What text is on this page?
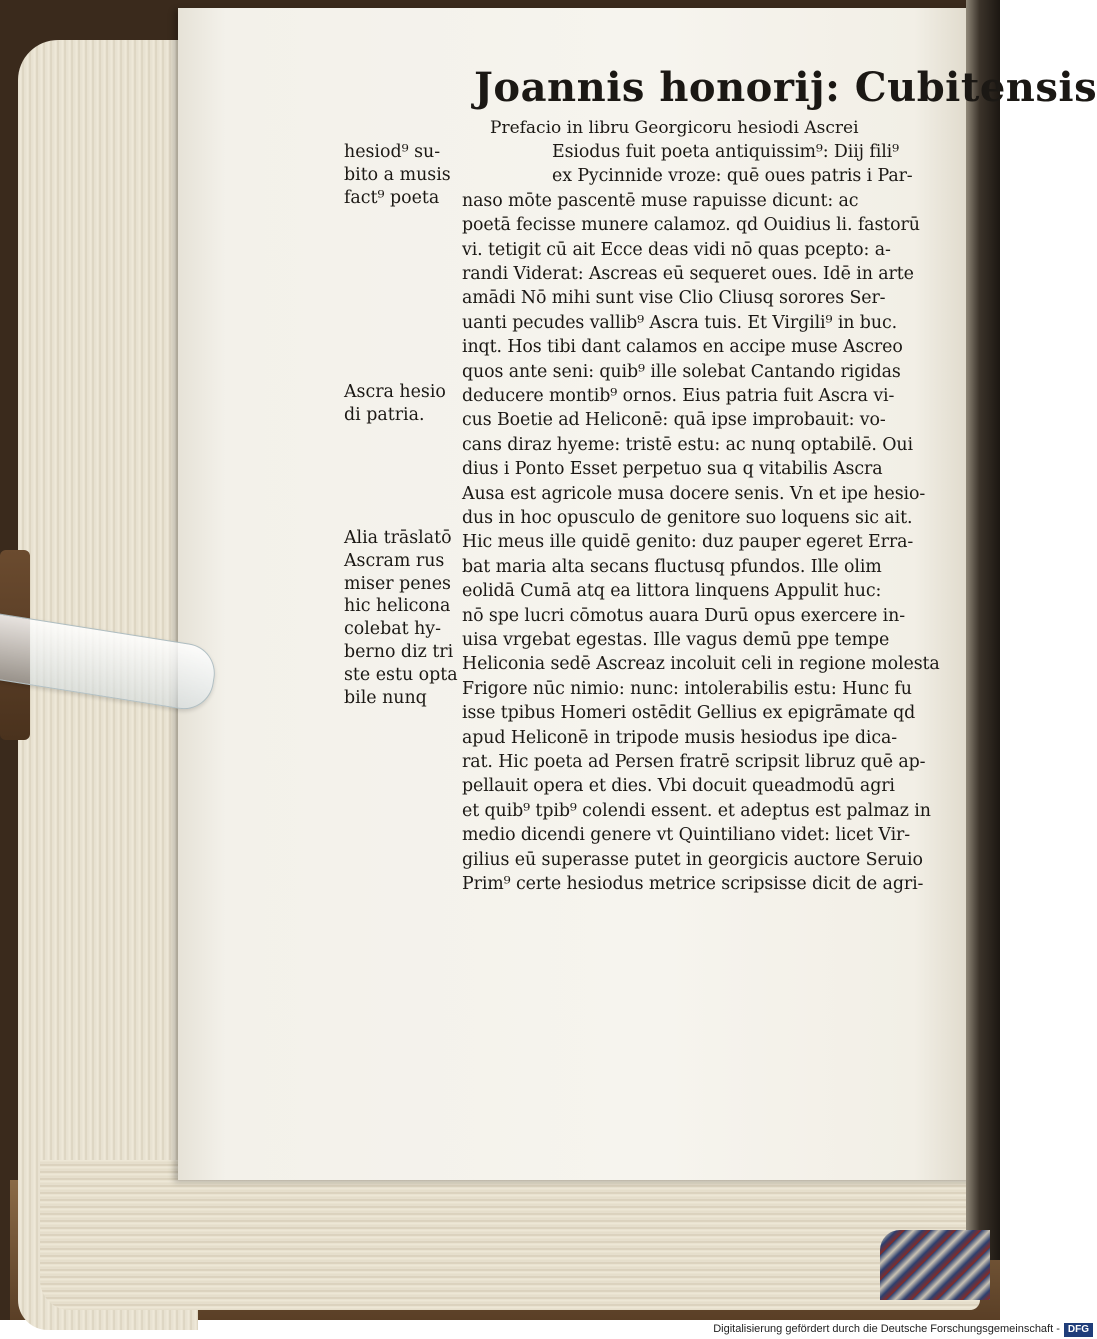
Joannis honorij: Cubitensis
Prefacio in libru Georgicoru hesiodi Ascrei
Esiodus fuit poeta antiquissim⁹: Diij fili⁹
ex Pycinnide vroze: quē oues patris i Par-
naso mōte pascentē muse rapuisse dicunt: ac
poetā fecisse munere calamoz. qd Ouidius li. fastorū
vi. tetigit cū ait Ecce deas vidi nō quas pcepto: a-
randi Viderat: Ascreas eū sequeret oues. Idē in arte
amādi Nō mihi sunt vise Clio Cliusq sorores Ser-
uanti pecudes vallib⁹ Ascra tuis. Et Virgili⁹ in buc.
inqt. Hos tibi dant calamos en accipe muse Ascreo
quos ante seni: quib⁹ ille solebat Cantando rigidas
deducere montib⁹ ornos. Eius patria fuit Ascra vi-
cus Boetie ad Heliconē: quā ipse improbauit: vo-
cans diraz hyeme: tristē estu: ac nunq optabilē. Oui
dius i Ponto Esset perpetuo sua q vitabilis Ascra
Ausa est agricole musa docere senis. Vn et ipe hesio-
dus in hoc opusculo de genitore suo loquens sic ait.
Hic meus ille quidē genito: duz pauper egeret Erra-
bat maria alta secans fluctusq pfundos. Ille olim
eolidā Cumā atq ea littora linquens Appulit huc:
nō spe lucri cōmotus auara Durū opus exercere in-
uisa vrgebat egestas. Ille vagus demū ppe tempe
Heliconia sedē Ascreaz incoluit celi in regione molesta
Frigore nūc nimio: nunc: intolerabilis estu: Hunc fu
isse tpibus Homeri ostēdit Gellius ex epigrāmate qd
apud Heliconē in tripode musis hesiodus ipe dica-
rat. Hic poeta ad Persen fratrē scripsit libruz quē ap-
pellauit opera et dies. Vbi docuit queadmodū agri
et quib⁹ tpib⁹ colendi essent. et adeptus est palmaz in
medio dicendi genere vt Quintiliano videt: licet Vir-
gilius eū superasse putet in georgicis auctore Seruio
Prim⁹ certe hesiodus metrice scripsisse dicit de agri-
hesiod⁹ su-
bito a musis
fact⁹ poeta
Ascra hesio
di patria.
Alia trāslatō
Ascram rus
miser penes
hic helicona
colebat hy-
berno diz tri
ste estu opta
bile nunq
Digitalisierung gefördert durch die Deutsche Forschungsgemeinschaft - DFG
